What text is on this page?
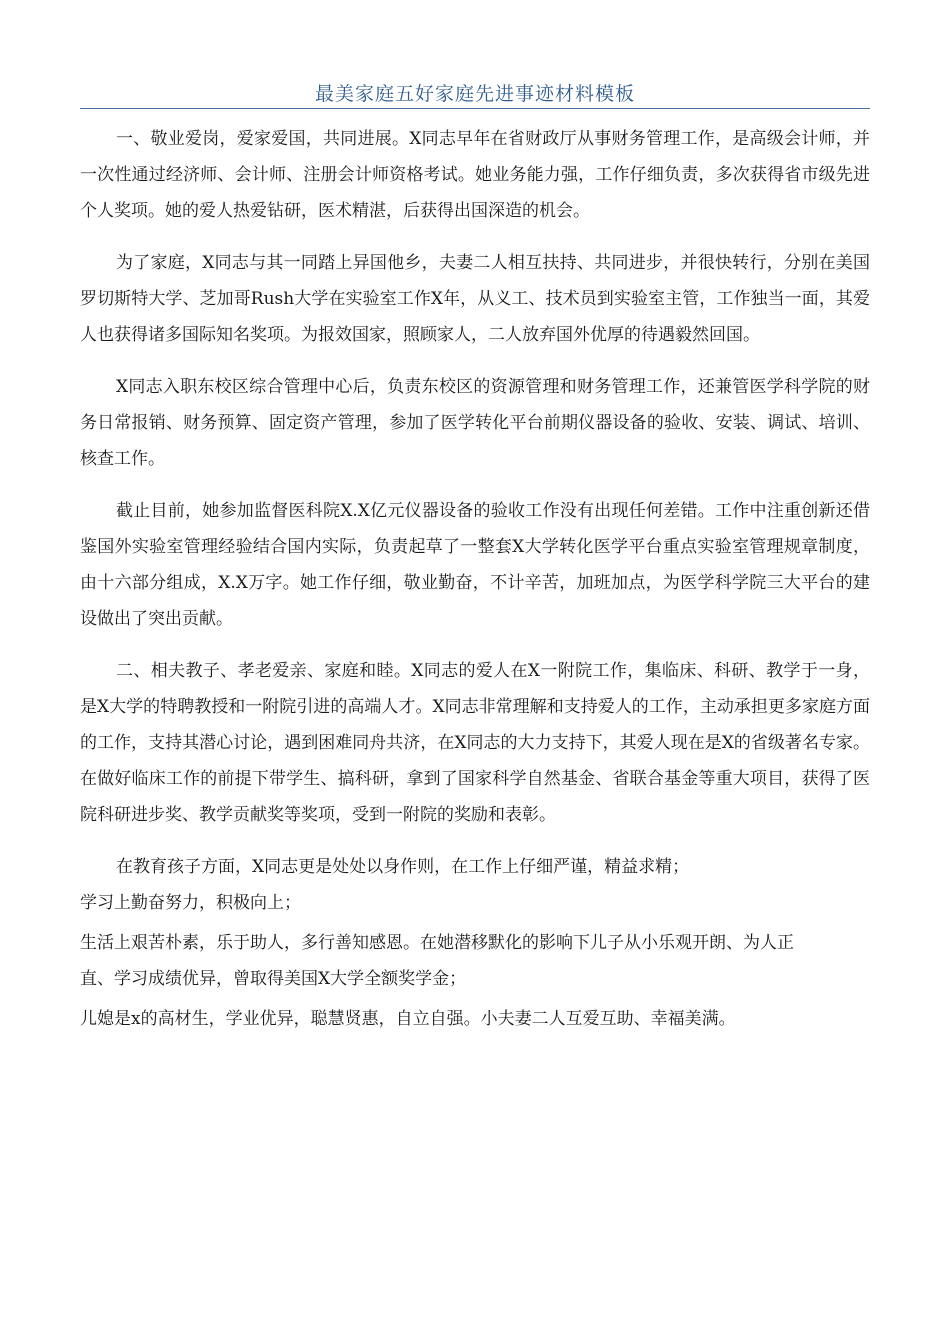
最美家庭五好家庭先进事迹材料模板

一、敬业爱岗，爱家爱国，共同进展。X同志早年在省财政厅从事财务管理工作，是高级会计师，并一次性通过经济师、会计师、注册会计师资格考试。她业务能力强，工作仔细负责，多次获得省市级先进个人奖项。她的爱人热爱钻研，医术精湛，后获得出国深造的机会。

为了家庭，X同志与其一同踏上异国他乡，夫妻二人相互扶持、共同进步，并很快转行，分别在美国罗切斯特大学、芝加哥Rush大学在实验室工作X年，从义工、技术员到实验室主管，工作独当一面，其爱人也获得诸多国际知名奖项。为报效国家，照顾家人，二人放弃国外优厚的待遇毅然回国。

X同志入职东校区综合管理中心后，负责东校区的资源管理和财务管理工作，还兼管医学科学院的财务日常报销、财务预算、固定资产管理，参加了医学转化平台前期仪器设备的验收、安装、调试、培训、核查工作。

截止目前，她参加监督医科院X.X亿元仪器设备的验收工作没有出现任何差错。工作中注重创新还借鉴国外实验室管理经验结合国内实际，负责起草了一整套X大学转化医学平台重点实验室管理规章制度，由十六部分组成，X.X万字。她工作仔细，敬业勤奋，不计辛苦，加班加点，为医学科学院三大平台的建设做出了突出贡献。

二、相夫教子、孝老爱亲、家庭和睦。X同志的爱人在X一附院工作，集临床、科研、教学于一身，是X大学的特聘教授和一附院引进的高端人才。X同志非常理解和支持爱人的工作，主动承担更多家庭方面的工作，支持其潜心讨论，遇到困难同舟共济，在X同志的大力支持下，其爱人现在是X的省级著名专家。在做好临床工作的前提下带学生、搞科研，拿到了国家科学自然基金、省联合基金等重大项目，获得了医院科研进步奖、教学贡献奖等奖项，受到一附院的奖励和表彰。

在教育孩子方面，X同志更是处处以身作则，在工作上仔细严谨，精益求精；

学习上勤奋努力，积极向上；

生活上艰苦朴素，乐于助人，多行善知感恩。在她潜移默化的影响下儿子从小乐观开朗、为人正

直、学习成绩优异，曾取得美国X大学全额奖学金；

儿媳是x的高材生，学业优异，聪慧贤惠，自立自强。小夫妻二人互爱互助、幸福美满。
